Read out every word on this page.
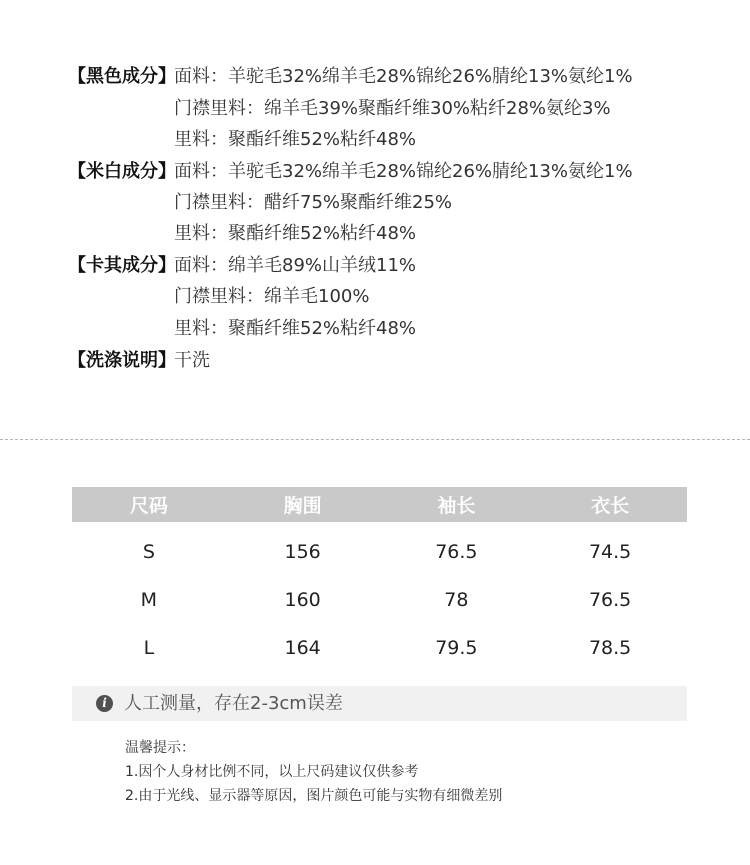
【黑色成分】面料：羊驼毛32%绵羊毛28%锦纶26%腈纶13%氨纶1%
门襟里料：绵羊毛39%聚酯纤维30%粘纤28%氨纶3%
里料：聚酯纤维52%粘纤48%
【米白成分】面料：羊驼毛32%绵羊毛28%锦纶26%腈纶13%氨纶1%
门襟里料：醋纤75%聚酯纤维25%
里料：聚酯纤维52%粘纤48%
【卡其成分】面料：绵羊毛89%山羊绒11%
门襟里料：绵羊毛100%
里料：聚酯纤维52%粘纤48%
【洗涤说明】干洗
尺码	胸围	袖长	衣长
S	156	76.5	74.5
M	160	78	76.5
L	164	79.5	78.5
i 人工测量，存在2-3cm误差
温馨提示：
1.因个人身材比例不同，以上尺码建议仅供参考
2.由于光线、显示器等原因，图片颜色可能与实物有细微差别
